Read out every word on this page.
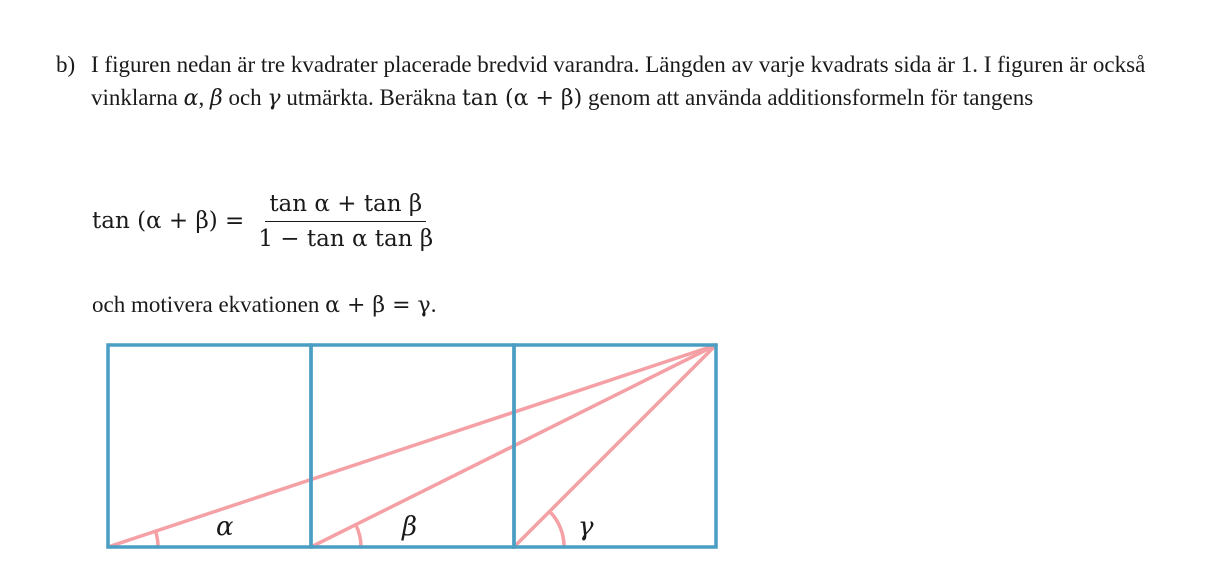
b) I figuren nedan är tre kvadrater placerade bredvid varandra. Längden av varje kvadrats sida är 1. I figuren är också vinklarna α, β och γ utmärkta. Beräkna tan (α + β) genom att använda additionsformeln för tangens
$\tan (\alpha + \beta) = \frac{\text{tan α + tan β}}{\text{1 − tan α tan β}}$
och motivera ekvationen α + β = γ.
α	β	γ
